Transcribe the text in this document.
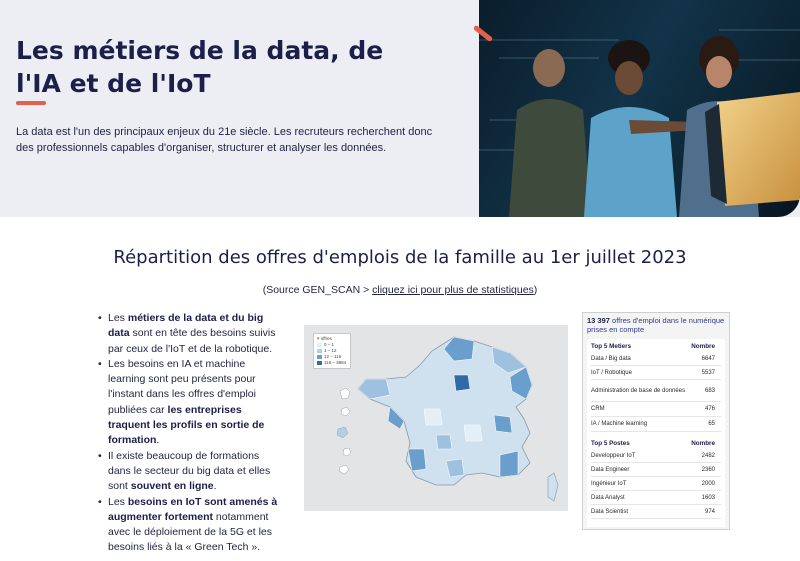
Les métiers de la data, de l'IA et de l'IoT

La data est l'un des principaux enjeux du 21e siècle. Les recruteurs recherchent donc des professionnels capables d'organiser, structurer et analyser les données.

Répartition des offres d'emplois de la famille au 1er juillet 2023
(Source GEN_SCAN > cliquez ici pour plus de statistiques)
• Les métiers de la data et du big data sont en tête des besoins suivis par ceux de l'IoT et de la robotique.
• Les besoins en IA et machine learning sont peu présents pour l'instant dans les offres d'emploi publiées car les entreprises traquent les profils en sortie de formation.
• Il existe beaucoup de formations dans le secteur du big data et elles sont souvent en ligne.
• Les besoins en IoT sont amenés à augmenter fortement notamment avec le déploiement de la 5G et les besoins liés à la « Green Tech ».
# offres
0 – 1
1 – 12
12 – 116
116 – 3984
13 397 offres d'emploi dans le numérique prises en compte
Top 5 Metiers	Nombre
Data / Big data	6647
IoT / Robotique	5537
Administration de base de données	683
CRM	476
IA / Machine learning	65
Top 5 Postes	Nombre
Developpeur IoT	2482
Data Engineer	2360
Ingénieur IoT	2000
Data Analyst	1603
Data Scientist	974
